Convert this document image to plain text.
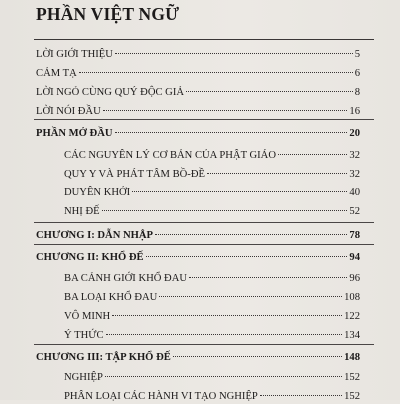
PHẦN VIỆT NGỮ
LỜI GIỚI THIỆU	5
CẢM TẠ	6
LỜI NGỎ CÙNG QUÝ ĐỘC GIẢ	8
LỜI NÓI ĐẦU	16
PHẦN MỞ ĐẦU	20
CÁC NGUYÊN LÝ CƠ BẢN CỦA PHẬT GIÁO	32
QUY Y VÀ PHÁT TÂM BỒ-ĐỀ	32
DUYÊN KHỞI	40
NHỊ ĐẾ	52
CHƯƠNG I: DẪN NHẬP	78
CHƯƠNG II: KHỔ ĐẾ	94
BA CẢNH GIỚI KHỔ ĐAU	96
BA LOẠI KHỔ ĐAU	108
VÔ MINH	122
Ý THỨC	134
CHƯƠNG III: TẬP KHỔ ĐẾ	148
NGHIỆP	152
PHÂN LOẠI CÁC HÀNH VI TẠO NGHIỆP	152
